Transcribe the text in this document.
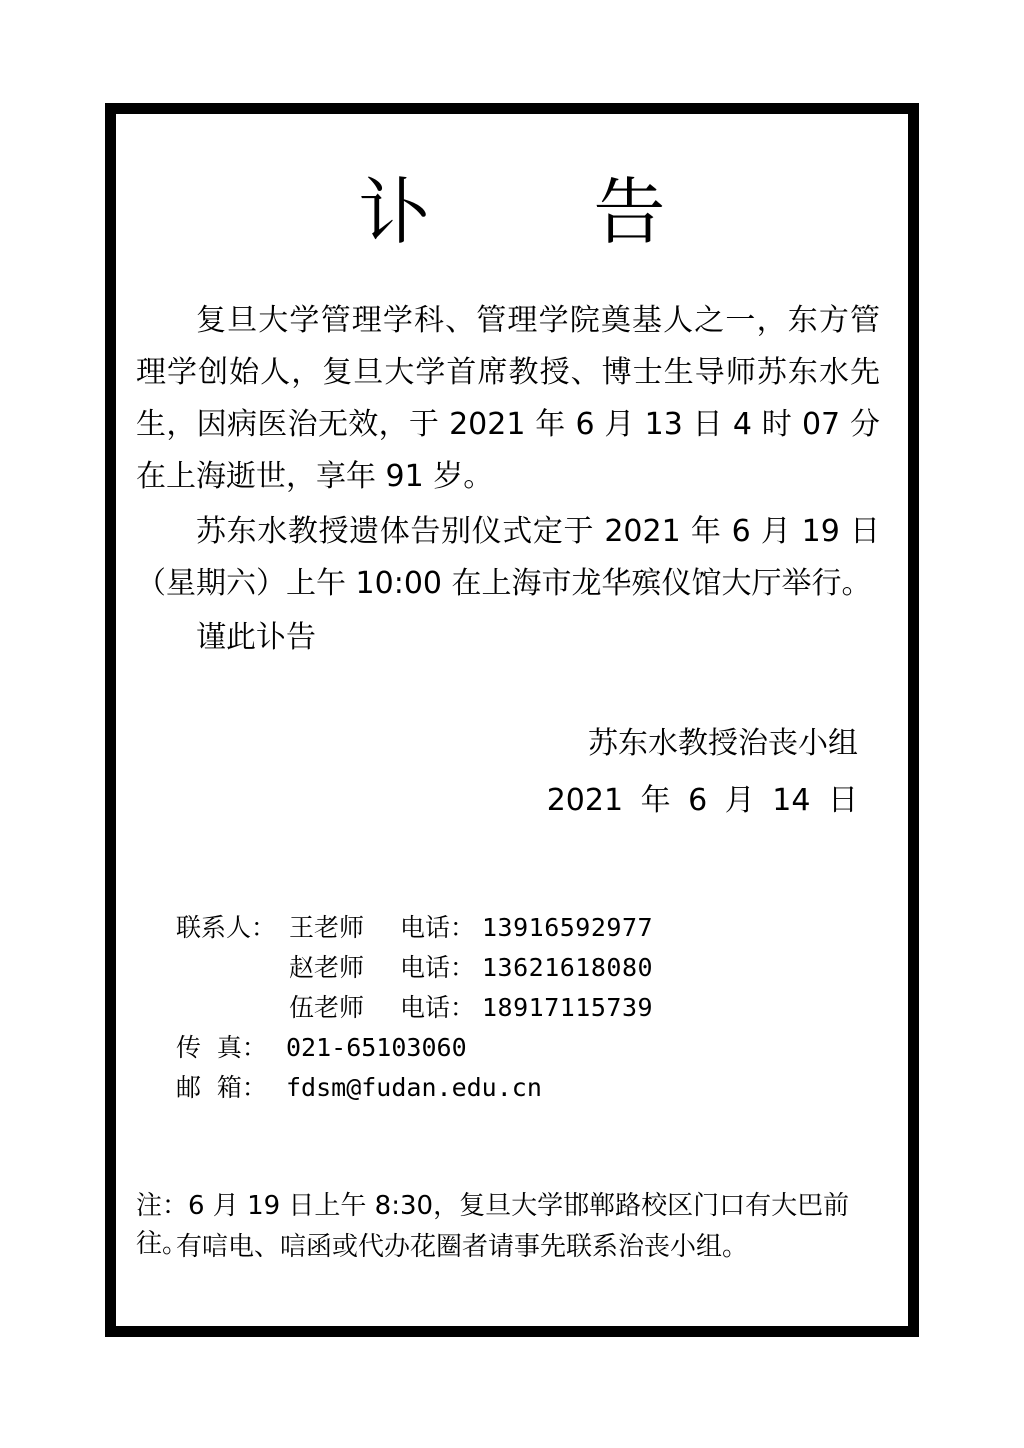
讣 告

复旦大学管理学科、管理学院奠基人之一，东方管理学创始人，复旦大学首席教授、博士生导师苏东水先生，因病医治无效，于 2021 年 6 月 13 日 4 时 07 分在上海逝世，享年 91 岁。

苏东水教授遗体告别仪式定于 2021 年 6 月 19 日（星期六）上午 10:00 在上海市龙华殡仪馆大厅举行。

谨此讣告

苏东水教授治丧小组

2021 年 6 月 14 日

联系人： 王老师 电话： 13916592977
赵老师 电话： 13621618080
伍老师 电话： 18917115739
传  真： 021-65103060
邮  箱： fdsm@fudan.edu.cn

注：6 月 19 日上午 8:30，复旦大学邯郸路校区门口有大巴前往。

有唁电、唁函或代办花圈者请事先联系治丧小组。
